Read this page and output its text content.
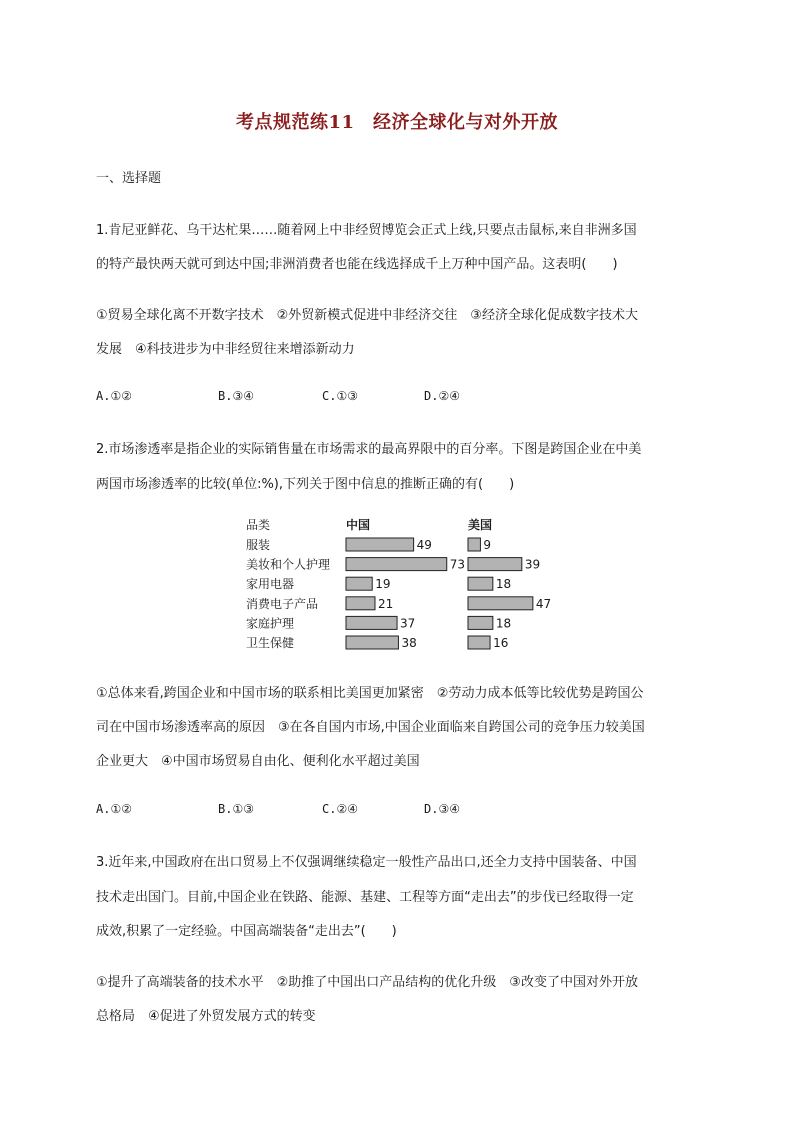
考点规范练11　经济全球化与对外开放
一、选择题
1.肯尼亚鲜花、乌干达杧果……随着网上中非经贸博览会正式上线,只要点击鼠标,来自非洲多国
的特产最快两天就可到达中国;非洲消费者也能在线选择成千上万种中国产品。这表明(　　)
①贸易全球化离不开数字技术　②外贸新模式促进中非经济交往　③经济全球化促成数字技术大
发展　④科技进步为中非经贸往来增添新动力
A.①②	B.③④	C.①③	D.②④
2.市场渗透率是指企业的实际销售量在市场需求的最高界限中的百分率。下图是跨国企业在中美
两国市场渗透率的比较(单位:%),下列关于图中信息的推断正确的有(　　)
品类	中国	美国
服装	49	9
美妆和个人护理	73	39
家用电器	19	18
消费电子产品	21	47
家庭护理	37	18
卫生保健	38	16
①总体来看,跨国企业和中国市场的联系相比美国更加紧密　②劳动力成本低等比较优势是跨国公
司在中国市场渗透率高的原因　③在各自国内市场,中国企业面临来自跨国公司的竞争压力较美国
企业更大　④中国市场贸易自由化、便利化水平超过美国
A.①②	B.①③	C.②④	D.③④
3.近年来,中国政府在出口贸易上不仅强调继续稳定一般性产品出口,还全力支持中国装备、中国
技术走出国门。目前,中国企业在铁路、能源、基建、工程等方面“走出去”的步伐已经取得一定
成效,积累了一定经验。中国高端装备“走出去”(　　)
①提升了高端装备的技术水平　②助推了中国出口产品结构的优化升级　③改变了中国对外开放
总格局　④促进了外贸发展方式的转变
